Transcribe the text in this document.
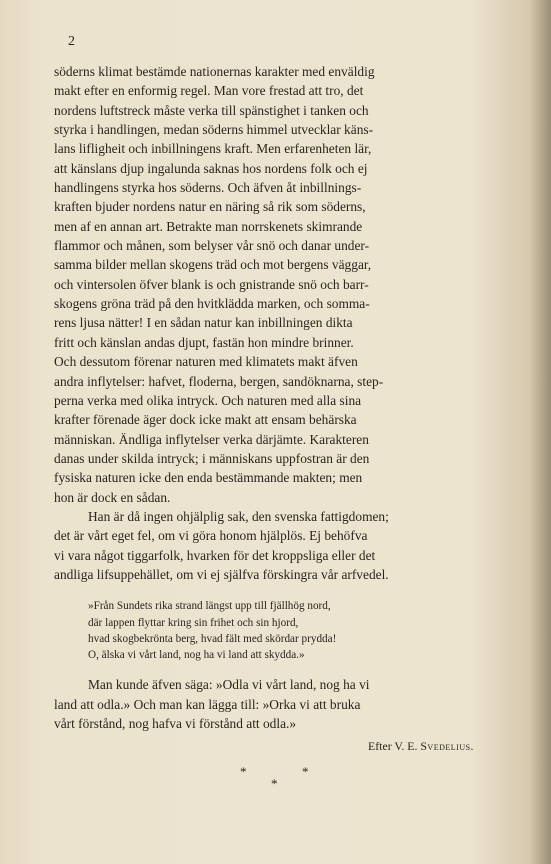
2

söderns klimat bestämde nationernas karakter med enväldig
makt efter en enformig regel. Man vore frestad att tro, det
nordens luftstreck måste verka till spänstighet i tanken och
styrka i handlingen, medan söderns himmel utvecklar käns-
lans lifligheit och inbillningens kraft. Men erfarenheten lär,
att känslans djup ingalunda saknas hos nordens folk och ej
handlingens styrka hos söderns. Och äfven åt inbillnings-
kraften bjuder nordens natur en näring så rik som söderns,
men af en annan art. Betrakte man norrskenets skimrande
flammor och månen, som belyser vår snö och danar under-
samma bilder mellan skogens träd och mot bergens väggar,
och vintersolen öfver blank is och gnistrande snö och barr-
skogens gröna träd på den hvitklädda marken, och somma-
rens ljusa nätter! I en sådan natur kan inbillningen dikta
fritt och känslan andas djupt, fastän hon mindre brinner.
Och dessutom förenar naturen med klimatets makt äfven
andra inflytelser: hafvet, floderna, bergen, sandöknarna, step-
perna verka med olika intryck. Och naturen med alla sina
krafter förenade äger dock icke makt att ensam behärska
människan. Ändliga inflytelser verka därjämte. Karakteren
danas under skilda intryck; i människans uppfostran är den
fysiska naturen icke den enda bestämmande makten; men
hon är dock en sådan.

Han är då ingen ohjälplig sak, den svenska fattigdomen;
det är vårt eget fel, om vi göra honom hjälplös. Ej behöfva
vi vara något tiggarfolk, hvarken för det kroppsliga eller det
andliga lifsuppehället, om vi ej själfva förskingra vår arfvedel.

»Från Sundets rika strand längst upp till fjällhög nord,
där lappen flyttar kring sin frihet och sin hjord,
hvad skogbekrönta berg, hvad fält med skördar prydda!
O, älska vi vårt land, nog ha vi land att skydda.»

Man kunde äfven säga: »Odla vi vårt land, nog ha vi
land att odla.» Och man kan lägga till: »Orka vi att bruka
vårt förstånd, nog hafva vi förstånd att odla.»

Efter V. E. Svedelius.
*	*
*
